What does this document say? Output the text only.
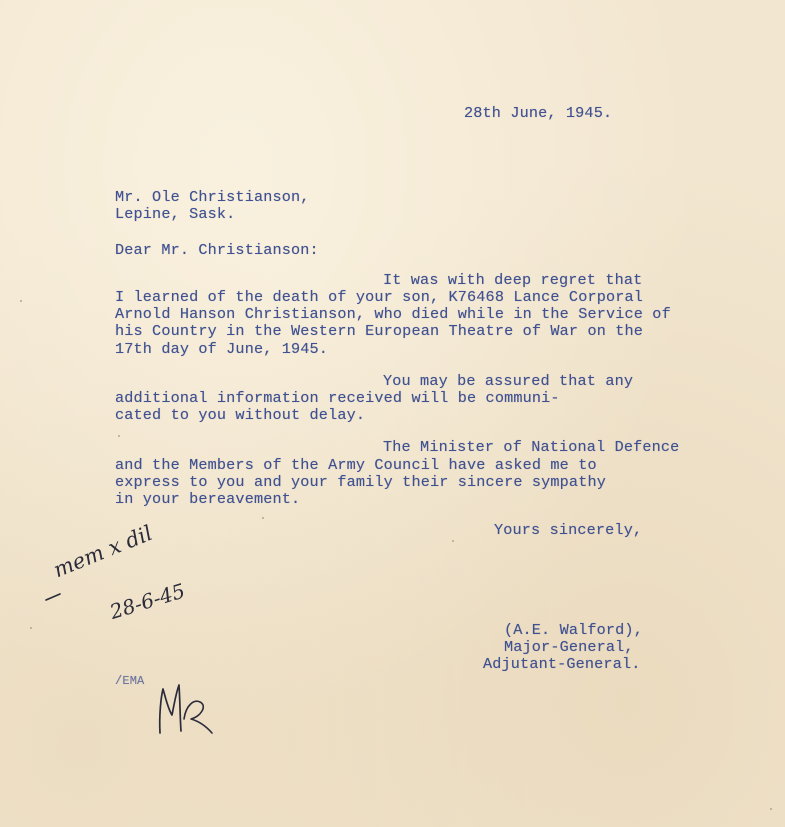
28th June, 1945.
Mr. Ole Christianson,
Lepine, Sask.
Dear Mr. Christianson:
It was with deep regret that
I learned of the death of your son, K76468 Lance Corporal
Arnold Hanson Christianson, who died while in the Service of
his Country in the Western European Theatre of War on the
17th day of June, 1945.
You may be assured that any
additional information received will be communi-
cated to you without delay.
The Minister of National Defence
and the Members of the Army Council have asked me to
express to you and your family their sincere sympathy
in your bereavement.
Yours sincerely,
(A.E. Walford),
Major-General,
Adjutant-General.
/EMA
mem x dil
28-6-45
